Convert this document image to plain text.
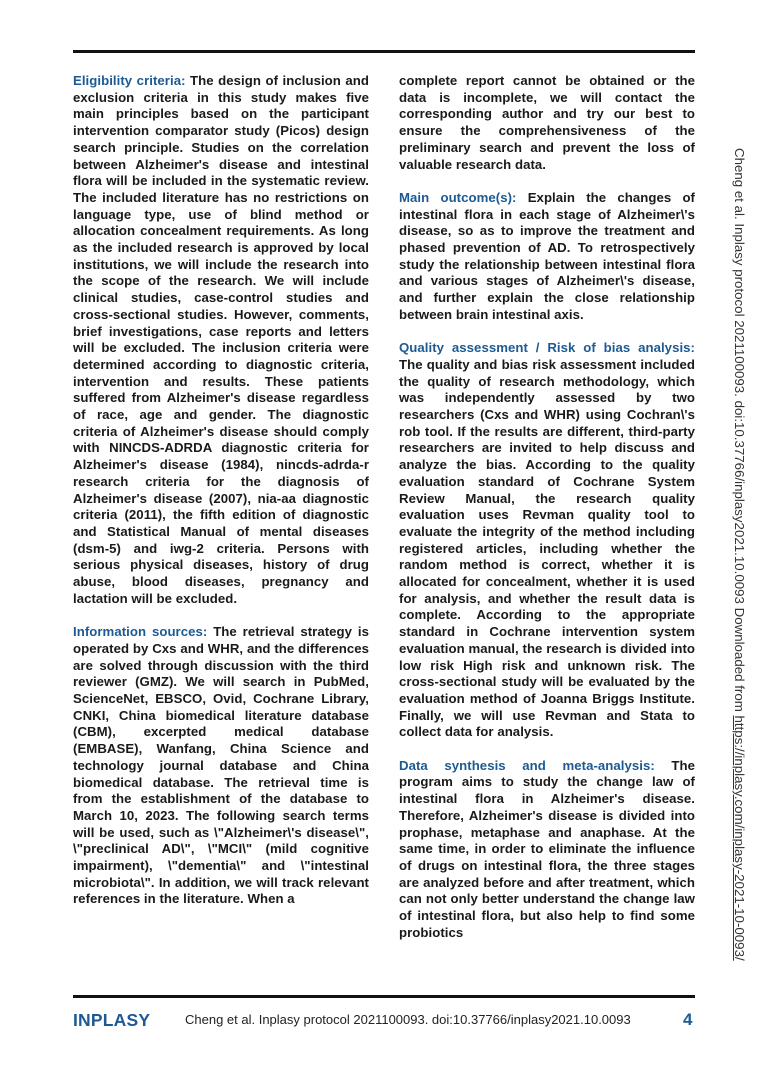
Eligibility criteria: The design of inclusion and exclusion criteria in this study makes five main principles based on the participant intervention comparator study (Picos) design search principle. Studies on the correlation between Alzheimer's disease and intestinal flora will be included in the systematic review. The included literature has no restrictions on language type, use of blind method or allocation concealment requirements. As long as the included research is approved by local institutions, we will include the research into the scope of the research. We will include clinical studies, case-control studies and cross-sectional studies. However, comments, brief investigations, case reports and letters will be excluded. The inclusion criteria were determined according to diagnostic criteria, intervention and results. These patients suffered from Alzheimer's disease regardless of race, age and gender. The diagnostic criteria of Alzheimer's disease should comply with NINCDS-ADRDA diagnostic criteria for Alzheimer's disease (1984), nincds-adrda-r research criteria for the diagnosis of Alzheimer's disease (2007), nia-aa diagnostic criteria (2011), the fifth edition of diagnostic and Statistical Manual of mental diseases (dsm-5) and iwg-2 criteria. Persons with serious physical diseases, history of drug abuse, blood diseases, pregnancy and lactation will be excluded.

Information sources: The retrieval strategy is operated by Cxs and WHR, and the differences are solved through discussion with the third reviewer (GMZ). We will search in PubMed, ScienceNet, EBSCO, Ovid, Cochrane Library, CNKI, China biomedical literature database (CBM), excerpted medical database (EMBASE), Wanfang, China Science and technology journal database and China biomedical database. The retrieval time is from the establishment of the database to March 10, 2023. The following search terms will be used, such as \"Alzheimer\'s disease\", \"preclinical AD\", \"MCI\" (mild cognitive impairment), \"dementia\" and \"intestinal microbiota\". In addition, we will track relevant references in the literature. When a

complete report cannot be obtained or the data is incomplete, we will contact the corresponding author and try our best to ensure the comprehensiveness of the preliminary search and prevent the loss of valuable research data.

Main outcome(s): Explain the changes of intestinal flora in each stage of Alzheimer\'s disease, so as to improve the treatment and phased prevention of AD. To retrospectively study the relationship between intestinal flora and various stages of Alzheimer\'s disease, and further explain the close relationship between brain intestinal axis.

Quality assessment / Risk of bias analysis: The quality and bias risk assessment included the quality of research methodology, which was independently assessed by two researchers (Cxs and WHR) using Cochran\'s rob tool. If the results are different, third-party researchers are invited to help discuss and analyze the bias. According to the quality evaluation standard of Cochrane System Review Manual, the research quality evaluation uses Revman quality tool to evaluate the integrity of the method including registered articles, including whether the random method is correct, whether it is allocated for concealment, whether it is used for analysis, and whether the result data is complete. According to the appropriate standard in Cochrane intervention system evaluation manual, the research is divided into low risk High risk and unknown risk. The cross-sectional study will be evaluated by the evaluation method of Joanna Briggs Institute. Finally, we will use Revman and Stata to collect data for analysis.

Data synthesis and meta-analysis: The program aims to study the change law of intestinal flora in Alzheimer's disease. Therefore, Alzheimer's disease is divided into prophase, metaphase and anaphase. At the same time, in order to eliminate the influence of drugs on intestinal flora, the three stages are analyzed before and after treatment, which can not only better understand the change law of intestinal flora, but also help to find some probiotics

Cheng et al. Inplasy protocol 2021100093. doi:10.37766/inplasy2021.10.0093 Downloaded from https://inplasy.com/inplasy-2021-10-0093/
INPLASY	Cheng et al. Inplasy protocol 2021100093. doi:10.37766/inplasy2021.10.0093	4
